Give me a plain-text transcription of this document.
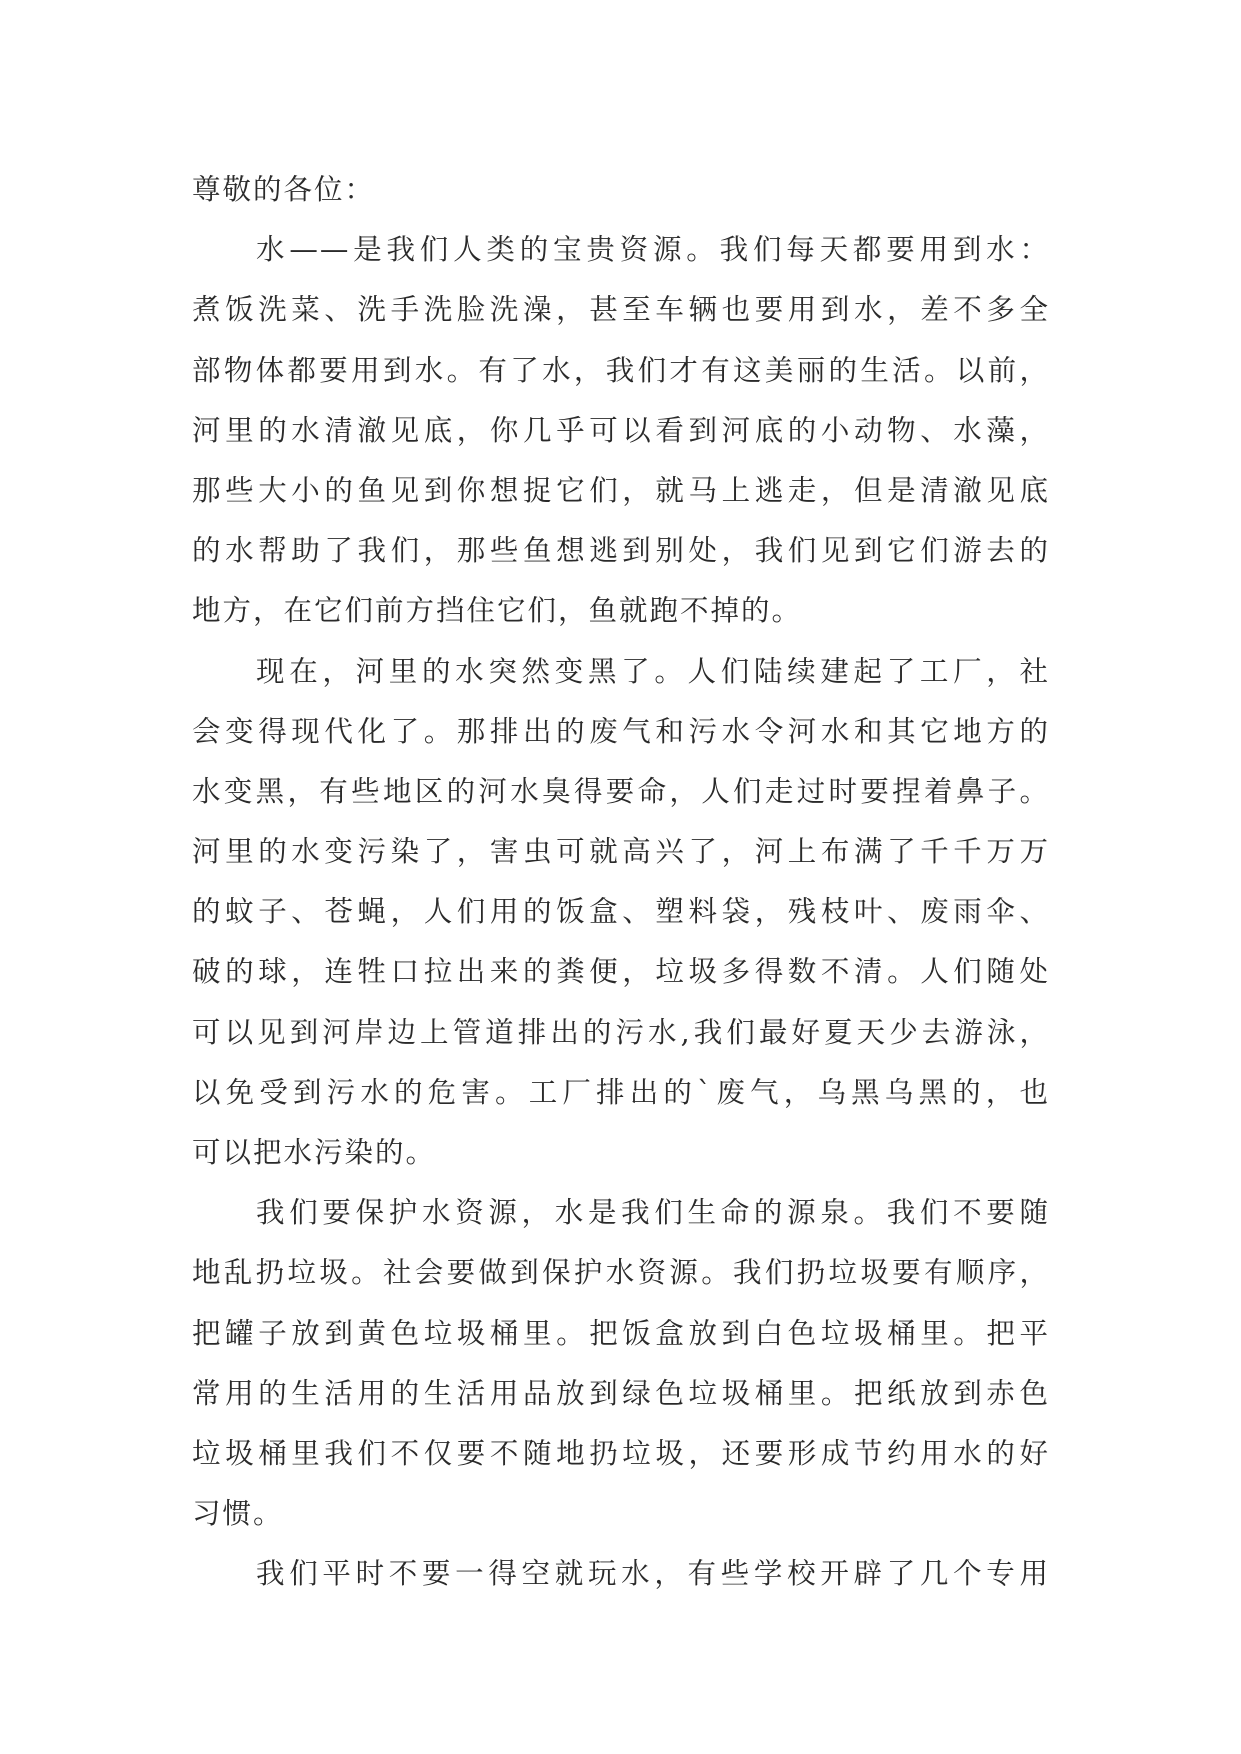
尊敬的各位：
水——是我们人类的宝贵资源。我们每天都要用到水：
煮饭洗菜、洗手洗脸洗澡，甚至车辆也要用到水，差不多全
部物体都要用到水。有了水，我们才有这美丽的生活。以前，
河里的水清澈见底，你几乎可以看到河底的小动物、水藻，
那些大小的鱼见到你想捉它们，就马上逃走，但是清澈见底
的水帮助了我们，那些鱼想逃到别处，我们见到它们游去的
地方，在它们前方挡住它们，鱼就跑不掉的。
现在，河里的水突然变黑了。人们陆续建起了工厂，社
会变得现代化了。那排出的废气和污水令河水和其它地方的
水变黑，有些地区的河水臭得要命，人们走过时要捏着鼻子。
河里的水变污染了，害虫可就高兴了，河上布满了千千万万
的蚊子、苍蝇，人们用的饭盒、塑料袋，残枝叶、废雨伞、
破的球，连牲口拉出来的粪便，垃圾多得数不清。人们随处
可以见到河岸边上管道排出的污水,我们最好夏天少去游泳，
以免受到污水的危害。工厂排出的`废气，乌黑乌黑的，也
可以把水污染的。
我们要保护水资源，水是我们生命的源泉。我们不要随
地乱扔垃圾。社会要做到保护水资源。我们扔垃圾要有顺序，
把罐子放到黄色垃圾桶里。把饭盒放到白色垃圾桶里。把平
常用的生活用的生活用品放到绿色垃圾桶里。把纸放到赤色
垃圾桶里我们不仅要不随地扔垃圾，还要形成节约用水的好
习惯。
我们平时不要一得空就玩水，有些学校开辟了几个专用
